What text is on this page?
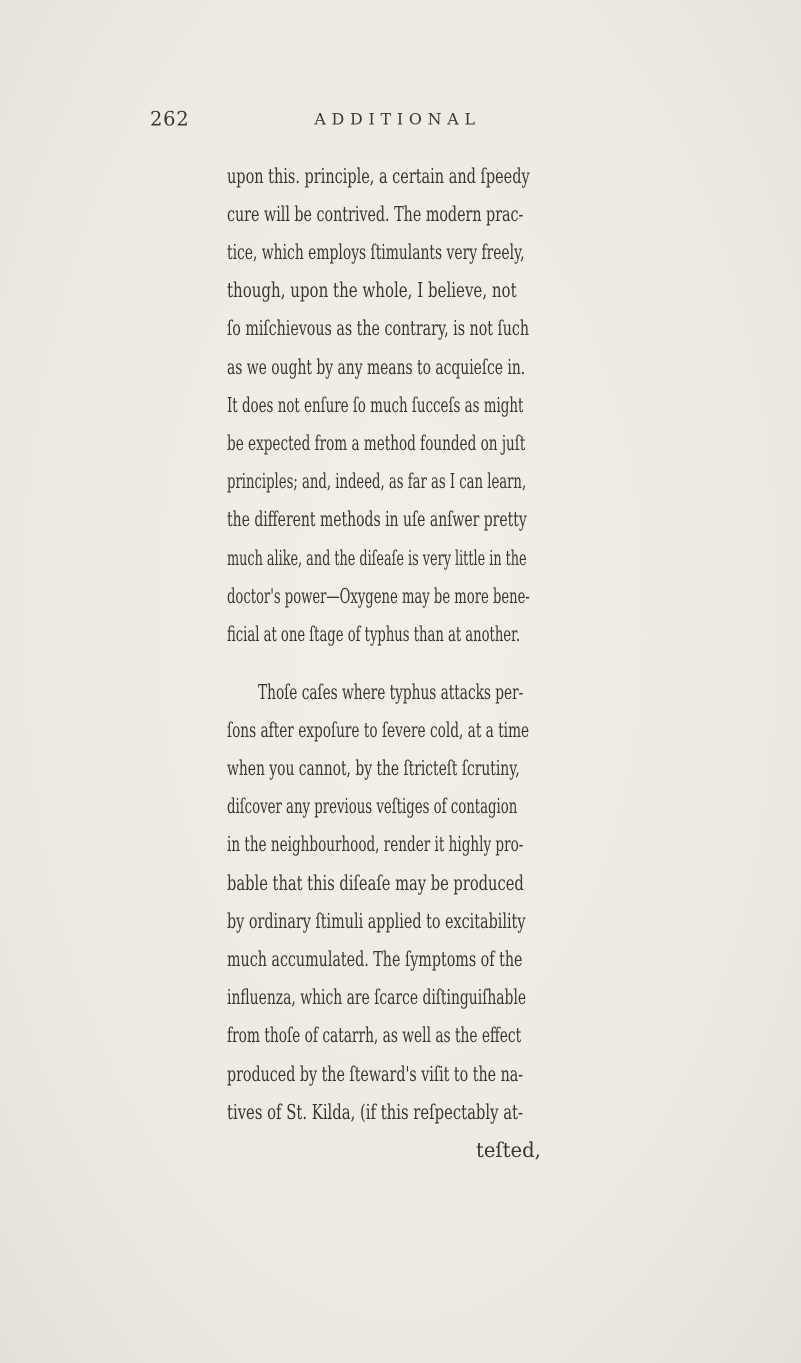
262	ADDITIONAL
upon this. principle, a certain and ſpeedy
cure will be contrived. The modern prac-
tice, which employs ſtimulants very freely,
though, upon the whole, I believe, not
ſo miſchievous as the contrary, is not ſuch
as we ought by any means to acquieſce in.
It does not enſure ſo much ſucceſs as might
be expected from a method founded on juſt
principles; and, indeed, as far as I can learn,
the different methods in uſe anſwer pretty
much alike, and the diſeaſe is very little in the
doctor's power—Oxygene may be more bene-
ficial at one ſtage of typhus than at another.
Thoſe caſes where typhus attacks per-
ſons after expoſure to ſevere cold, at a time
when you cannot, by the ſtricteſt ſcrutiny,
diſcover any previous veſtiges of contagion
in the neighbourhood, render it highly pro-
bable that this diſeaſe may be produced
by ordinary ſtimuli applied to excitability
much accumulated. The ſymptoms of the
influenza, which are ſcarce diſtinguiſhable
from thoſe of catarrh, as well as the effect
produced by the ſteward's viſit to the na-
tives of St. Kilda, (if this reſpectably at-
teſted,
